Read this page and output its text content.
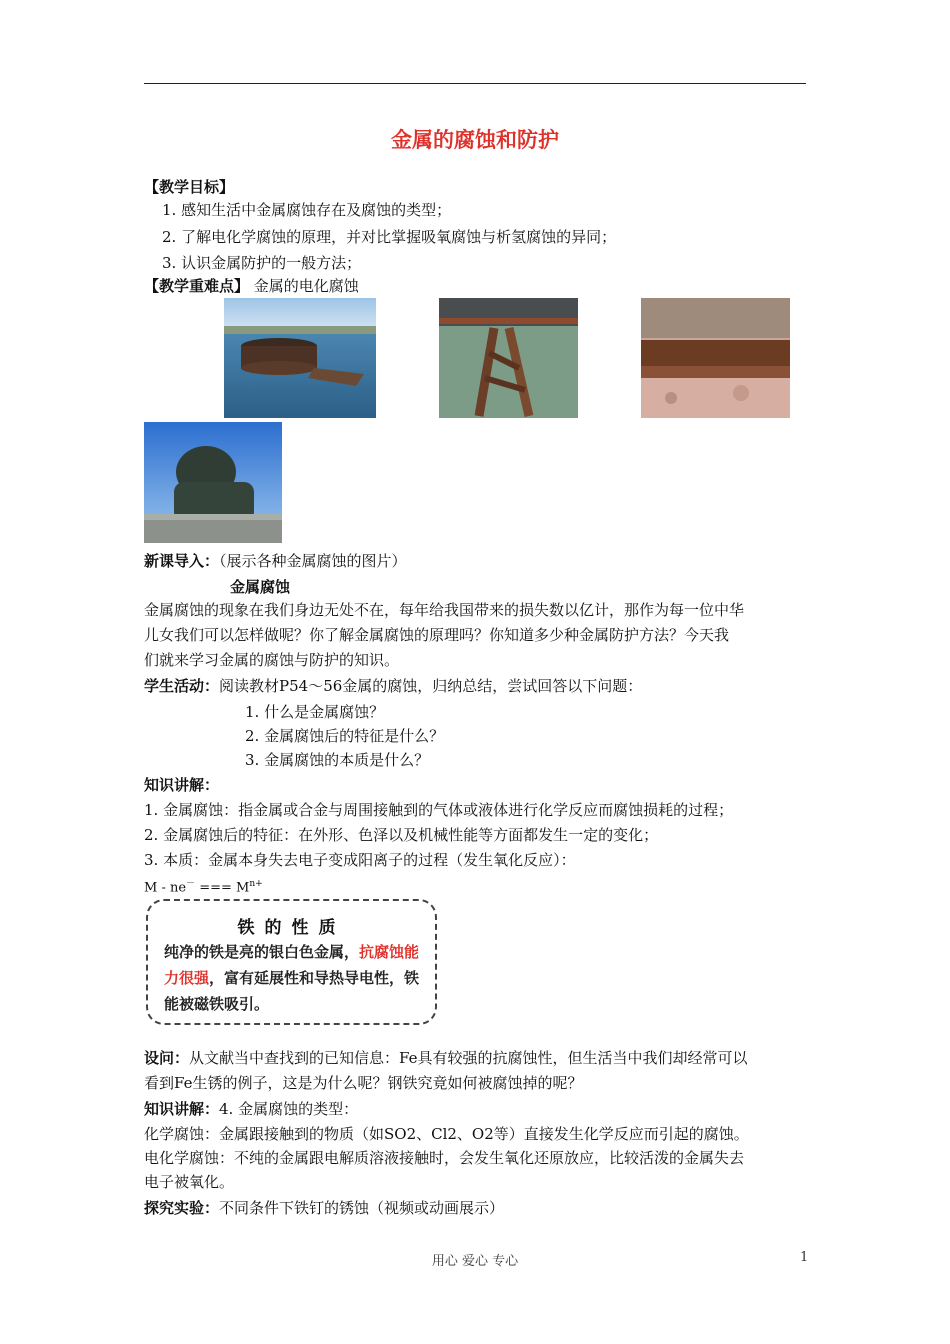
金属的腐蚀和防护
【教学目标】
1. 感知生活中金属腐蚀存在及腐蚀的类型；
2. 了解电化学腐蚀的原理，并对比掌握吸氧腐蚀与析氢腐蚀的异同；
3. 认识金属防护的一般方法；
【教学重难点】 金属的电化腐蚀
新课导入：（展示各种金属腐蚀的图片）
金属腐蚀
金属腐蚀的现象在我们身边无处不在，每年给我国带来的损失数以亿计，那作为每一位中华
儿女我们可以怎样做呢？你了解金属腐蚀的原理吗？你知道多少种金属防护方法？今天我
们就来学习金属的腐蚀与防护的知识。
学生活动：阅读教材P54～56金属的腐蚀，归纳总结，尝试回答以下问题：
1. 什么是金属腐蚀？
2. 金属腐蚀后的特征是什么？
3. 金属腐蚀的本质是什么？
知识讲解：
1. 金属腐蚀：指金属或合金与周围接触到的气体或液体进行化学反应而腐蚀损耗的过程；
2. 金属腐蚀后的特征：在外形、色泽以及机械性能等方面都发生一定的变化；
3. 本质：金属本身失去电子变成阳离子的过程（发生氧化反应）：
M - ne－ === $M^{n+}$
铁的性质
纯净的铁是亮的银白色金属，抗腐蚀能力很强，富有延展性和导热导电性，铁能被磁铁吸引。
设问：从文献当中查找到的已知信息：Fe具有较强的抗腐蚀性，但生活当中我们却经常可以
看到Fe生锈的例子，这是为什么呢？钢铁究竟如何被腐蚀掉的呢？
知识讲解：4. 金属腐蚀的类型：
化学腐蚀：金属跟接触到的物质（如SO2、Cl2、O2等）直接发生化学反应而引起的腐蚀。
电化学腐蚀：不纯的金属跟电解质溶液接触时，会发生氧化还原放应，比较活泼的金属失去
电子被氧化。
探究实验：不同条件下铁钉的锈蚀（视频或动画展示）
用心 爱心 专心	1
